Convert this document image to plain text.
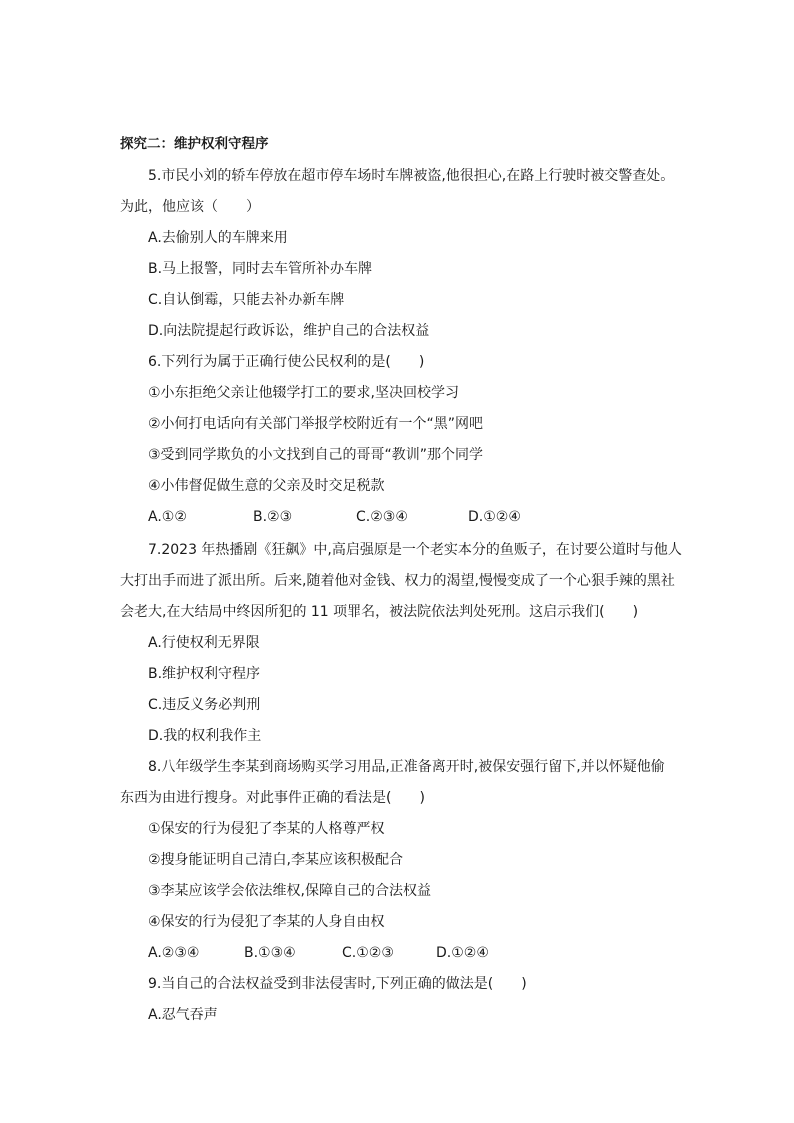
探究二：维护权利守程序
5.市民小刘的轿车停放在超市停车场时车牌被盗,他很担心,在路上行驶时被交警查处。
为此，他应该（　　）
A.去偷别人的车牌来用
B.马上报警，同时去车管所补办车牌
C.自认倒霉，只能去补办新车牌
D.向法院提起行政诉讼，维护自己的合法权益
6.下列行为属于正确行使公民权利的是(　　)
①小东拒绝父亲让他辍学打工的要求,坚决回校学习
②小何打电话向有关部门举报学校附近有一个“黑”网吧
③受到同学欺负的小文找到自己的哥哥“教训”那个同学
④小伟督促做生意的父亲及时交足税款
A.①②	B.②③	C.②③④	D.①②④
7.2023 年热播剧《狂飙》中,高启强原是一个老实本分的鱼贩子，在讨要公道时与他人
大打出手而进了派出所。后来,随着他对金钱、权力的渴望,慢慢变成了一个心狠手辣的黑社
会老大,在大结局中终因所犯的 11 项罪名，被法院依法判处死刑。这启示我们(　　)
A.行使权利无界限
B.维护权利守程序
C.违反义务必判刑
D.我的权利我作主
8.八年级学生李某到商场购买学习用品,正准备离开时,被保安强行留下,并以怀疑他偷
东西为由进行搜身。对此事件正确的看法是(　　)
①保安的行为侵犯了李某的人格尊严权
②搜身能证明自己清白,李某应该积极配合
③李某应该学会依法维权,保障自己的合法权益
④保安的行为侵犯了李某的人身自由权
A.②③④	B.①③④	C.①②③	D.①②④
9.当自己的合法权益受到非法侵害时,下列正确的做法是(　　)
A.忍气吞声
